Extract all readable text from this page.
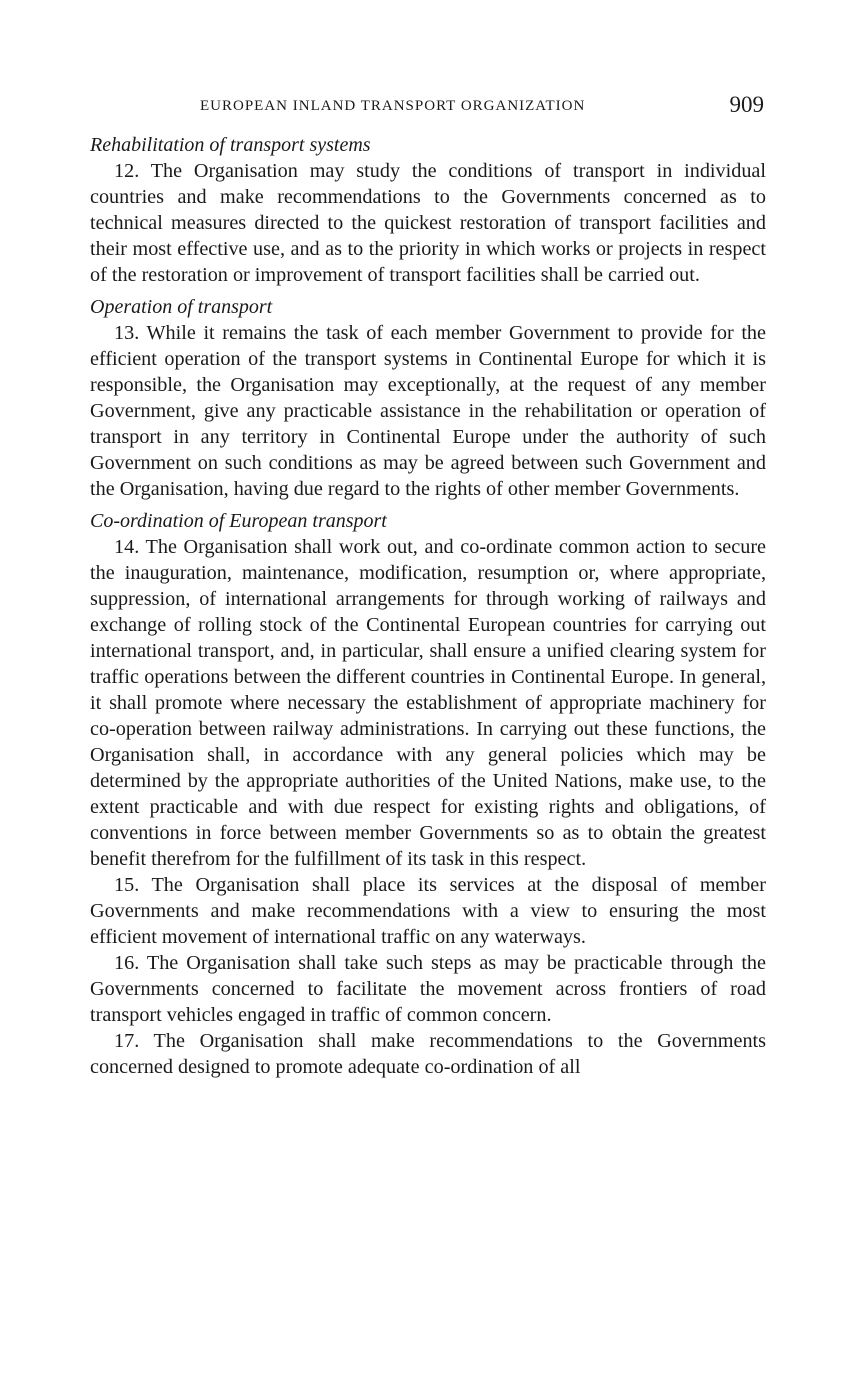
EUROPEAN INLAND TRANSPORT ORGANIZATION	909
Rehabilitation of transport systems

12. The Organisation may study the conditions of transport in individual countries and make recommendations to the Governments concerned as to technical measures directed to the quickest restoration of transport facilities and their most effective use, and as to the priority in which works or projects in respect of the restoration or improvement of transport facilities shall be carried out.

Operation of transport

13. While it remains the task of each member Government to provide for the efficient operation of the transport systems in Continental Europe for which it is responsible, the Organisation may exceptionally, at the request of any member Government, give any practicable assistance in the rehabilitation or operation of transport in any territory in Continental Europe under the authority of such Government on such conditions as may be agreed between such Government and the Organisation, having due regard to the rights of other member Governments.

Co-ordination of European transport

14. The Organisation shall work out, and co-ordinate common action to secure the inauguration, maintenance, modification, resumption or, where appropriate, suppression, of international arrangements for through working of railways and exchange of rolling stock of the Continental European countries for carrying out international transport, and, in particular, shall ensure a unified clearing system for traffic operations between the different countries in Continental Europe. In general, it shall promote where necessary the establishment of appropriate machinery for co-operation between railway administrations. In carrying out these functions, the Organisation shall, in accordance with any general policies which may be determined by the appropriate authorities of the United Nations, make use, to the extent practicable and with due respect for existing rights and obligations, of conventions in force between member Governments so as to obtain the greatest benefit therefrom for the fulfillment of its task in this respect.

15. The Organisation shall place its services at the disposal of member Governments and make recommendations with a view to ensuring the most efficient movement of international traffic on any waterways.

16. The Organisation shall take such steps as may be practicable through the Governments concerned to facilitate the movement across frontiers of road transport vehicles engaged in traffic of common concern.

17. The Organisation shall make recommendations to the Governments concerned designed to promote adequate co-ordination of all
